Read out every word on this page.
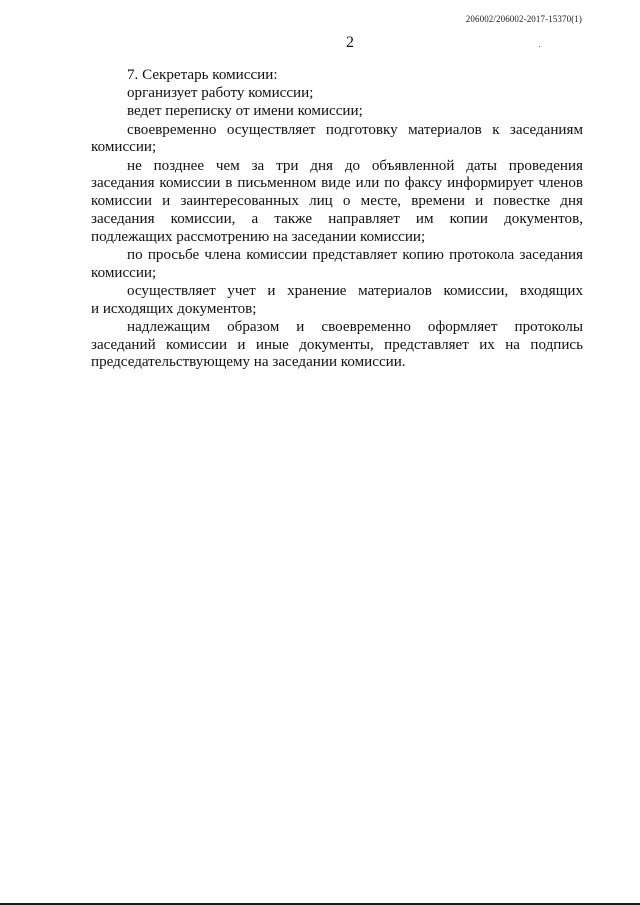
206002/206002-2017-15370(1)
2
7. Секретарь комиссии:
организует работу комиссии;
ведет переписку от имени комиссии;
своевременно осуществляет подготовку материалов к заседаниям
комиссии;
не позднее чем за три дня до объявленной даты проведения
заседания комиссии в письменном виде или по факсу информирует членов
комиссии и заинтересованных лиц о месте, времени и повестке дня
заседания комиссии, а также направляет им копии документов,
подлежащих рассмотрению на заседании комиссии;
по просьбе члена комиссии представляет копию протокола заседания
комиссии;
осуществляет учет и хранение материалов комиссии, входящих
и исходящих документов;
надлежащим образом и своевременно оформляет протоколы
заседаний комиссии и иные документы, представляет их на подпись
председательствующему на заседании комиссии.
